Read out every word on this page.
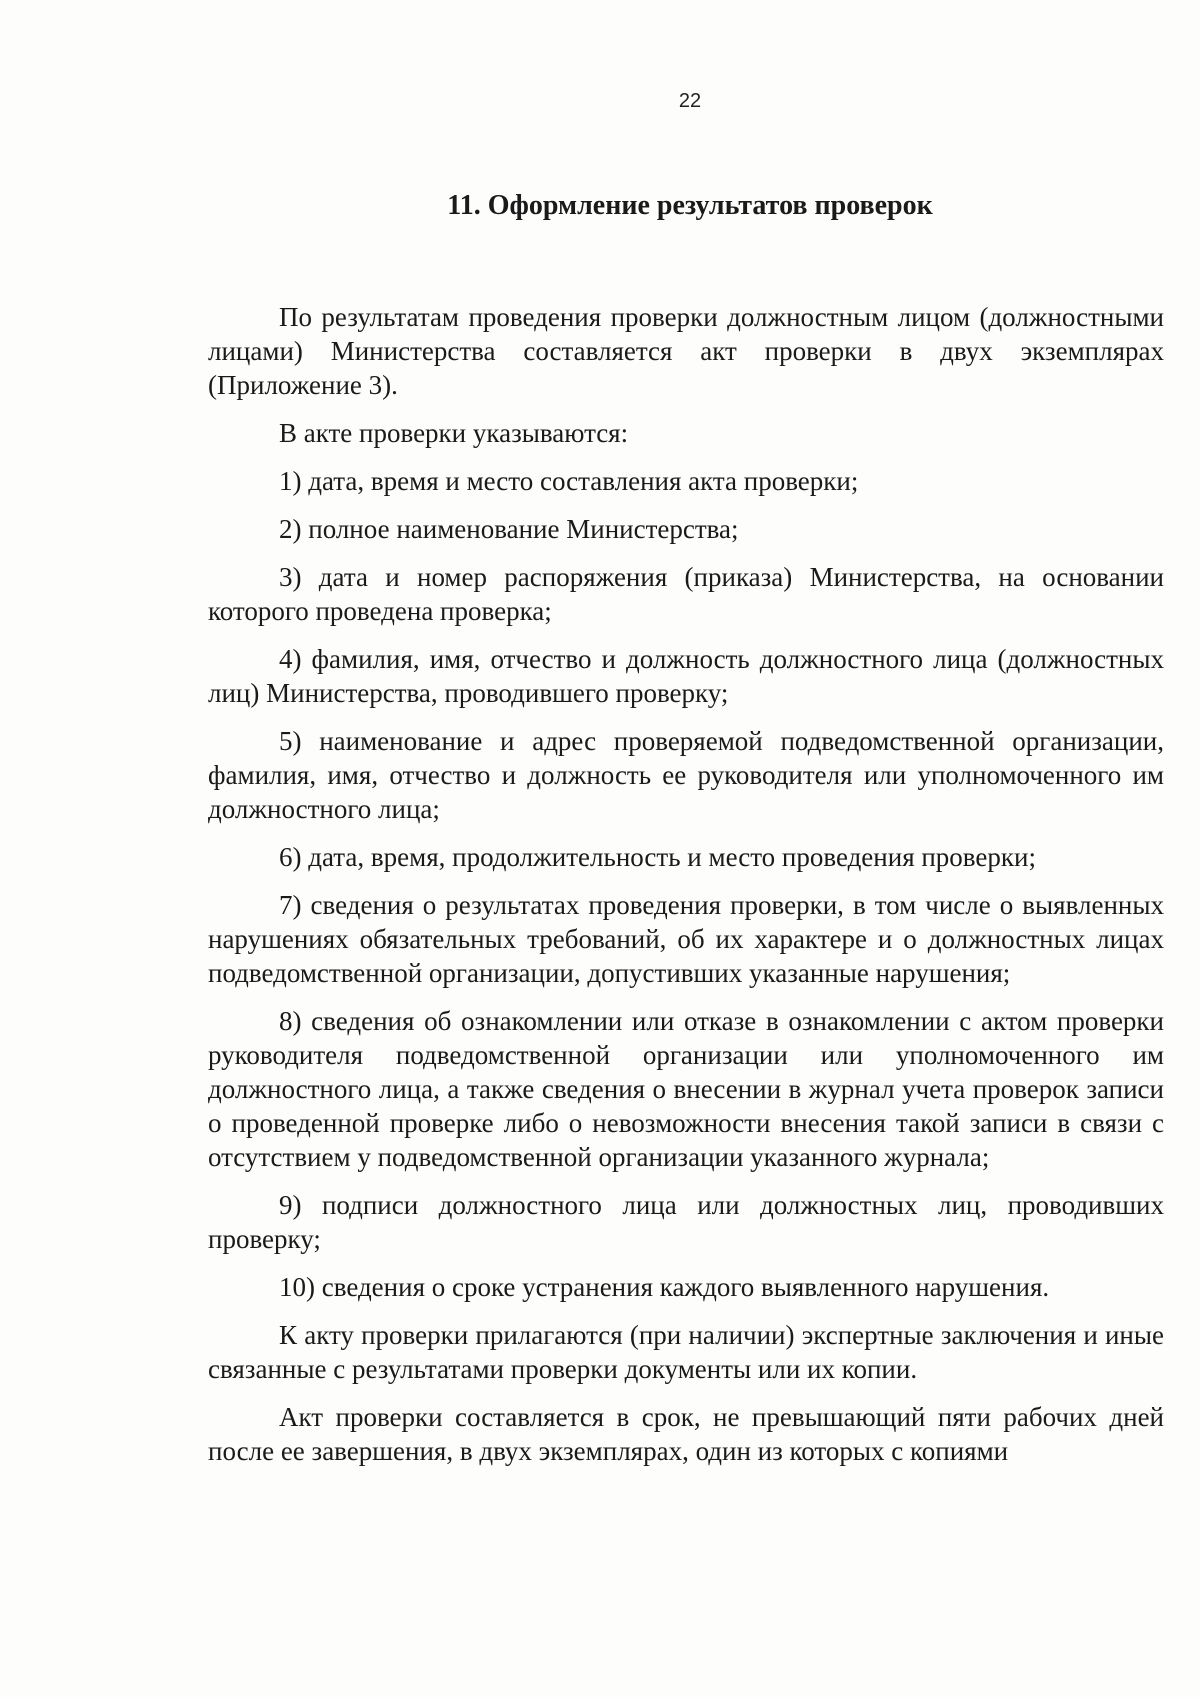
22
11. Оформление результатов проверок

По результатам проведения проверки должностным лицом (должностными лицами) Министерства составляется акт проверки в двух экземплярах (Приложение 3).

В акте проверки указываются:

1) дата, время и место составления акта проверки;

2) полное наименование Министерства;

3) дата и номер распоряжения (приказа) Министерства, на основании которого проведена проверка;

4) фамилия, имя, отчество и должность должностного лица (должностных лиц) Министерства, проводившего проверку;

5) наименование и адрес проверяемой подведомственной организации, фамилия, имя, отчество и должность ее руководителя или уполномоченного им должностного лица;

6) дата, время, продолжительность и место проведения проверки;

7) сведения о результатах проведения проверки, в том числе о выявленных нарушениях обязательных требований, об их характере и о должностных лицах подведомственной организации, допустивших указанные нарушения;

8) сведения об ознакомлении или отказе в ознакомлении с актом проверки руководителя подведомственной организации или уполномоченного им должностного лица, а также сведения о внесении в журнал учета проверок записи о проведенной проверке либо о невозможности внесения такой записи в связи с отсутствием у подведомственной организации указанного журнала;

9) подписи должностного лица или должностных лиц, проводивших проверку;

10) сведения о сроке устранения каждого выявленного нарушения.

К акту проверки прилагаются (при наличии) экспертные заключения и иные связанные с результатами проверки документы или их копии.

Акт проверки составляется в срок, не превышающий пяти рабочих дней после ее завершения, в двух экземплярах, один из которых с копиями
